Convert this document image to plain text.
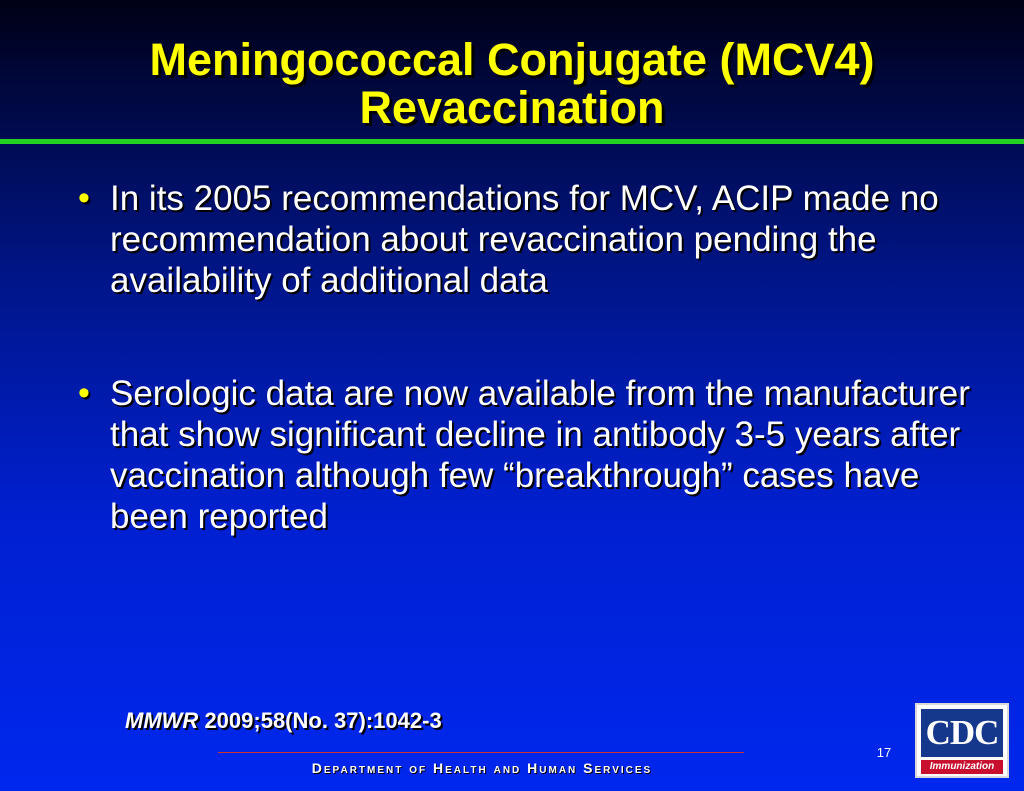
Meningococcal Conjugate (MCV4)
Revaccination
• In its 2005 recommendations for MCV, ACIP made no recommendation about revaccination pending the availability of additional data
• Serologic data are now available from the manufacturer that show significant decline in antibody 3-5 years after vaccination although few “breakthrough” cases have been reported
MMWR 2009;58(No. 37):1042-3
Department of Health and Human Services
17
CDC
Immunization
